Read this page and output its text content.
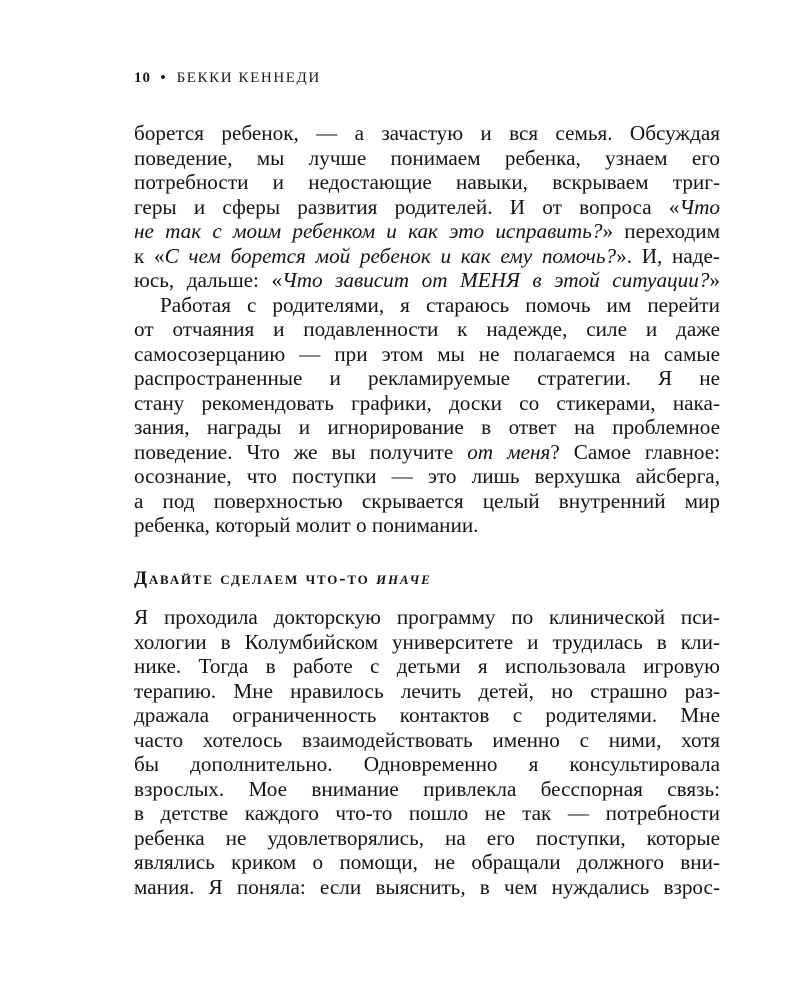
10 • БЕККИ КЕННЕДИ
борется ребенок, — а зачастую и вся семья. Обсуждая
поведение, мы лучше понимаем ребенка, узнаем его
потребности и недостающие навыки, вскрываем триг-
геры и сферы развития родителей. И от вопроса «Что
не так с моим ребенком и как это исправить?» переходим
к «С чем борется мой ребенок и как ему помочь?». И, наде-
юсь, дальше: «Что зависит от МЕНЯ в этой ситуации?»
Работая с родителями, я стараюсь помочь им перейти
от отчаяния и подавленности к надежде, силе и даже
самосозерцанию — при этом мы не полагаемся на самые
распространенные и рекламируемые стратегии. Я не
стану рекомендовать графики, доски со стикерами, нака-
зания, награды и игнорирование в ответ на проблемное
поведение. Что же вы получите от меня? Самое главное:
осознание, что поступки — это лишь верхушка айсберга,
а под поверхностью скрывается целый внутренний мир
ребенка, который молит о понимании.
Давайте сделаем что-то иначе
Я проходила докторскую программу по клинической пси-
хологии в Колумбийском университете и трудилась в кли-
нике. Тогда в работе с детьми я использовала игровую
терапию. Мне нравилось лечить детей, но страшно раз-
дражала ограниченность контактов с родителями. Мне
часто хотелось взаимодействовать именно с ними, хотя
бы дополнительно. Одновременно я консультировала
взрослых. Мое внимание привлекла бесспорная связь:
в детстве каждого что-то пошло не так — потребности
ребенка не удовлетворялись, на его поступки, которые
являлись криком о помощи, не обращали должного вни-
мания. Я поняла: если выяснить, в чем нуждались взрос-
